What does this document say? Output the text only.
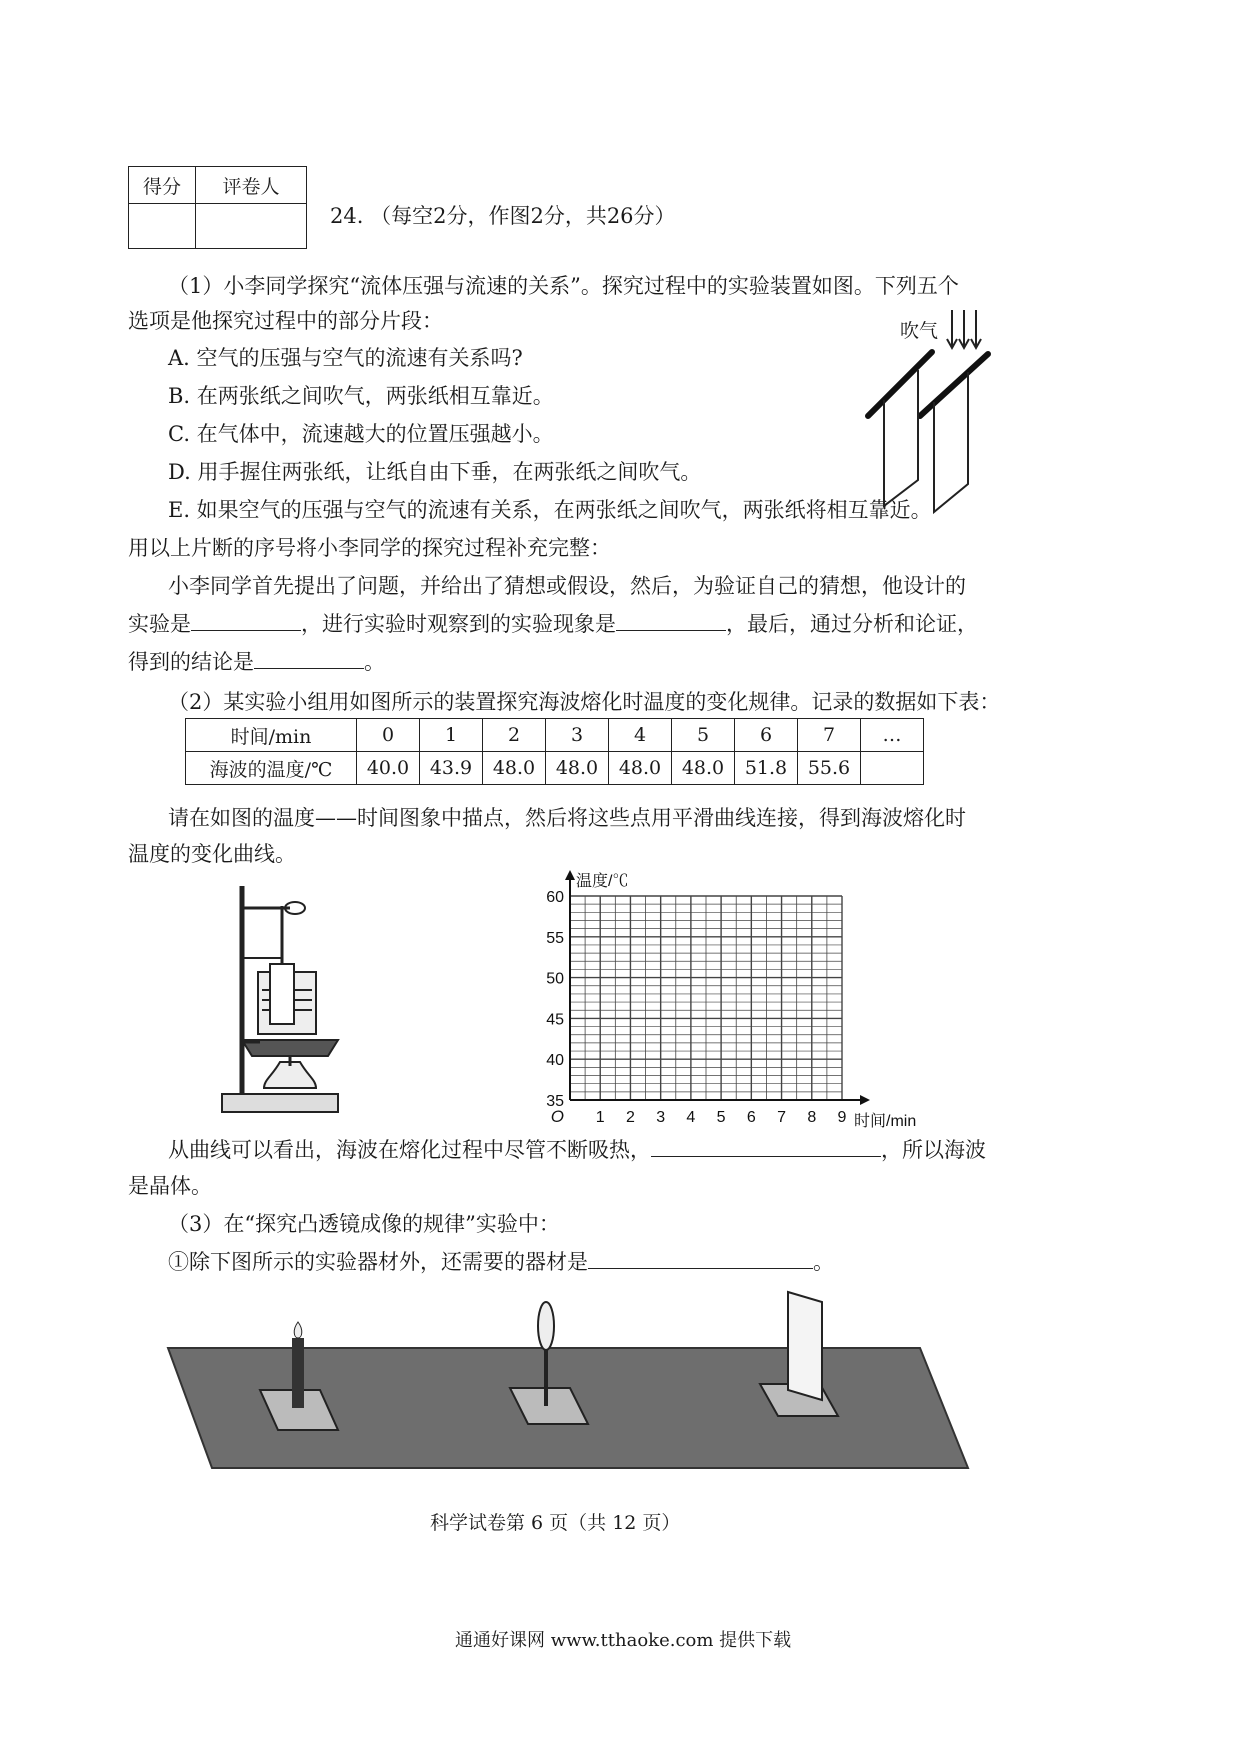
得分	评卷人

24. （每空2分，作图2分，共26分）
（1）小李同学探究“流体压强与流速的关系”。探究过程中的实验装置如图。下列五个
选项是他探究过程中的部分片段：
A. 空气的压强与空气的流速有关系吗?
B. 在两张纸之间吹气，两张纸相互靠近。
C. 在气体中，流速越大的位置压强越小。
D. 用手握住两张纸，让纸自由下垂，在两张纸之间吹气。
E. 如果空气的压强与空气的流速有关系，在两张纸之间吹气，两张纸将相互靠近。
吹气
用以上片断的序号将小李同学的探究过程补充完整：
小李同学首先提出了问题，并给出了猜想或假设，然后，为验证自己的猜想，他设计的
实验是	，进行实验时观察到的实验现象是	，最后，通过分析和论证，
得到的结论是	。
（2）某实验小组用如图所示的装置探究海波熔化时温度的变化规律。记录的数据如下表：
时间/min	0	1	2	3	4	5	6	7	…
海波的温度/℃	40.0	43.9	48.0	48.0	48.0	48.0	51.8	55.6	
请在如图的温度——时间图象中描点，然后将这些点用平滑曲线连接，得到海波熔化时
温度的变化曲线。
35
40
45
50
55
60
1 2 3 4 5 6 7 8 9
O
温度/℃
时间/min
从曲线可以看出，海波在熔化过程中尽管不断吸热，	，所以海波
是晶体。
（3）在“探究凸透镜成像的规律”实验中：
①除下图所示的实验器材外，还需要的器材是	。
科学试卷第 6 页（共 12 页）
通通好课网 www.tthaoke.com 提供下载
